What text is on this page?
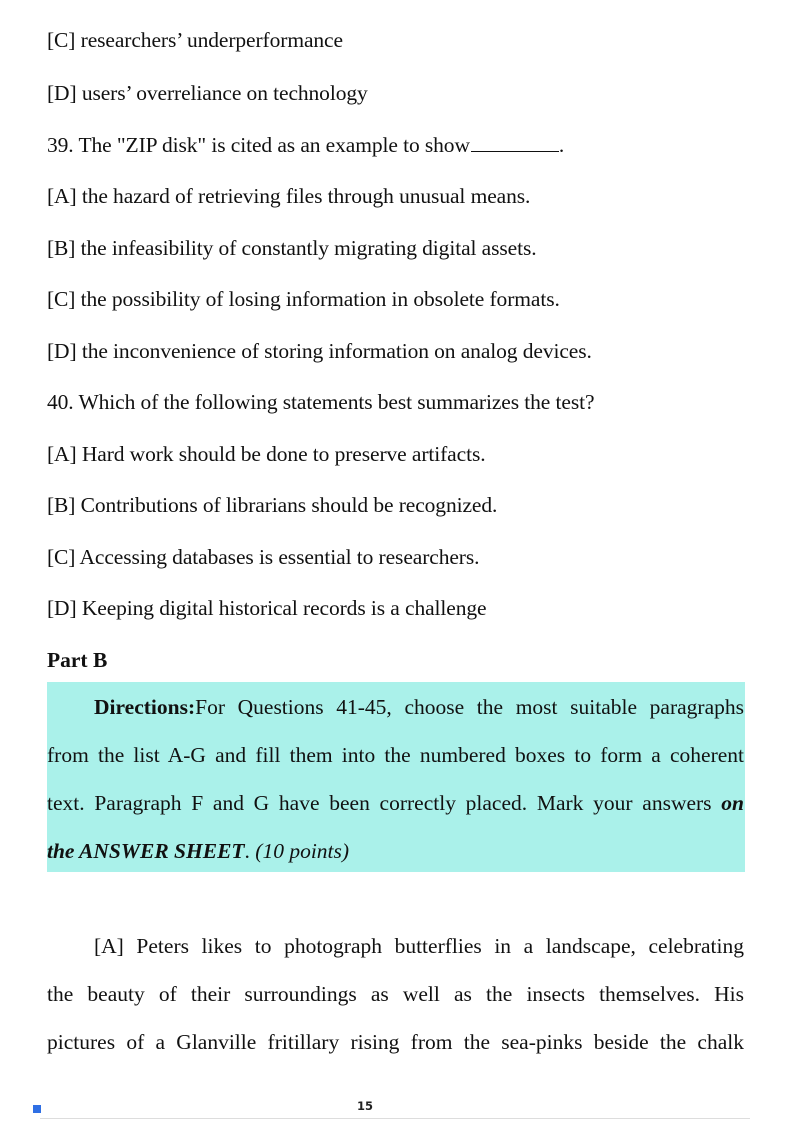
[C] researchers’ underperformance
[D] users’ overreliance on technology
39. The "ZIP disk" is cited as an example to show	.
[A] the hazard of retrieving files through unusual means.
[B] the infeasibility of constantly migrating digital assets.
[C] the possibility of losing information in obsolete formats.
[D] the inconvenience of storing information on analog devices.
40. Which of the following statements best summarizes the test?
[A] Hard work should be done to preserve artifacts.
[B] Contributions of librarians should be recognized.
[C] Accessing databases is essential to researchers.
[D] Keeping digital historical records is a challenge
Part B
Directions:For Questions 41-45, choose the most suitable paragraphs
from the list A-G and fill them into the numbered boxes to form a coherent
text. Paragraph F and G have been correctly placed. Mark your answers on
the ANSWER SHEET. (10 points)
[A] Peters likes to photograph butterflies in a landscape, celebrating
the beauty of their surroundings as well as the insects themselves. His
pictures of a Glanville fritillary rising from the sea-pinks beside the chalk
15
